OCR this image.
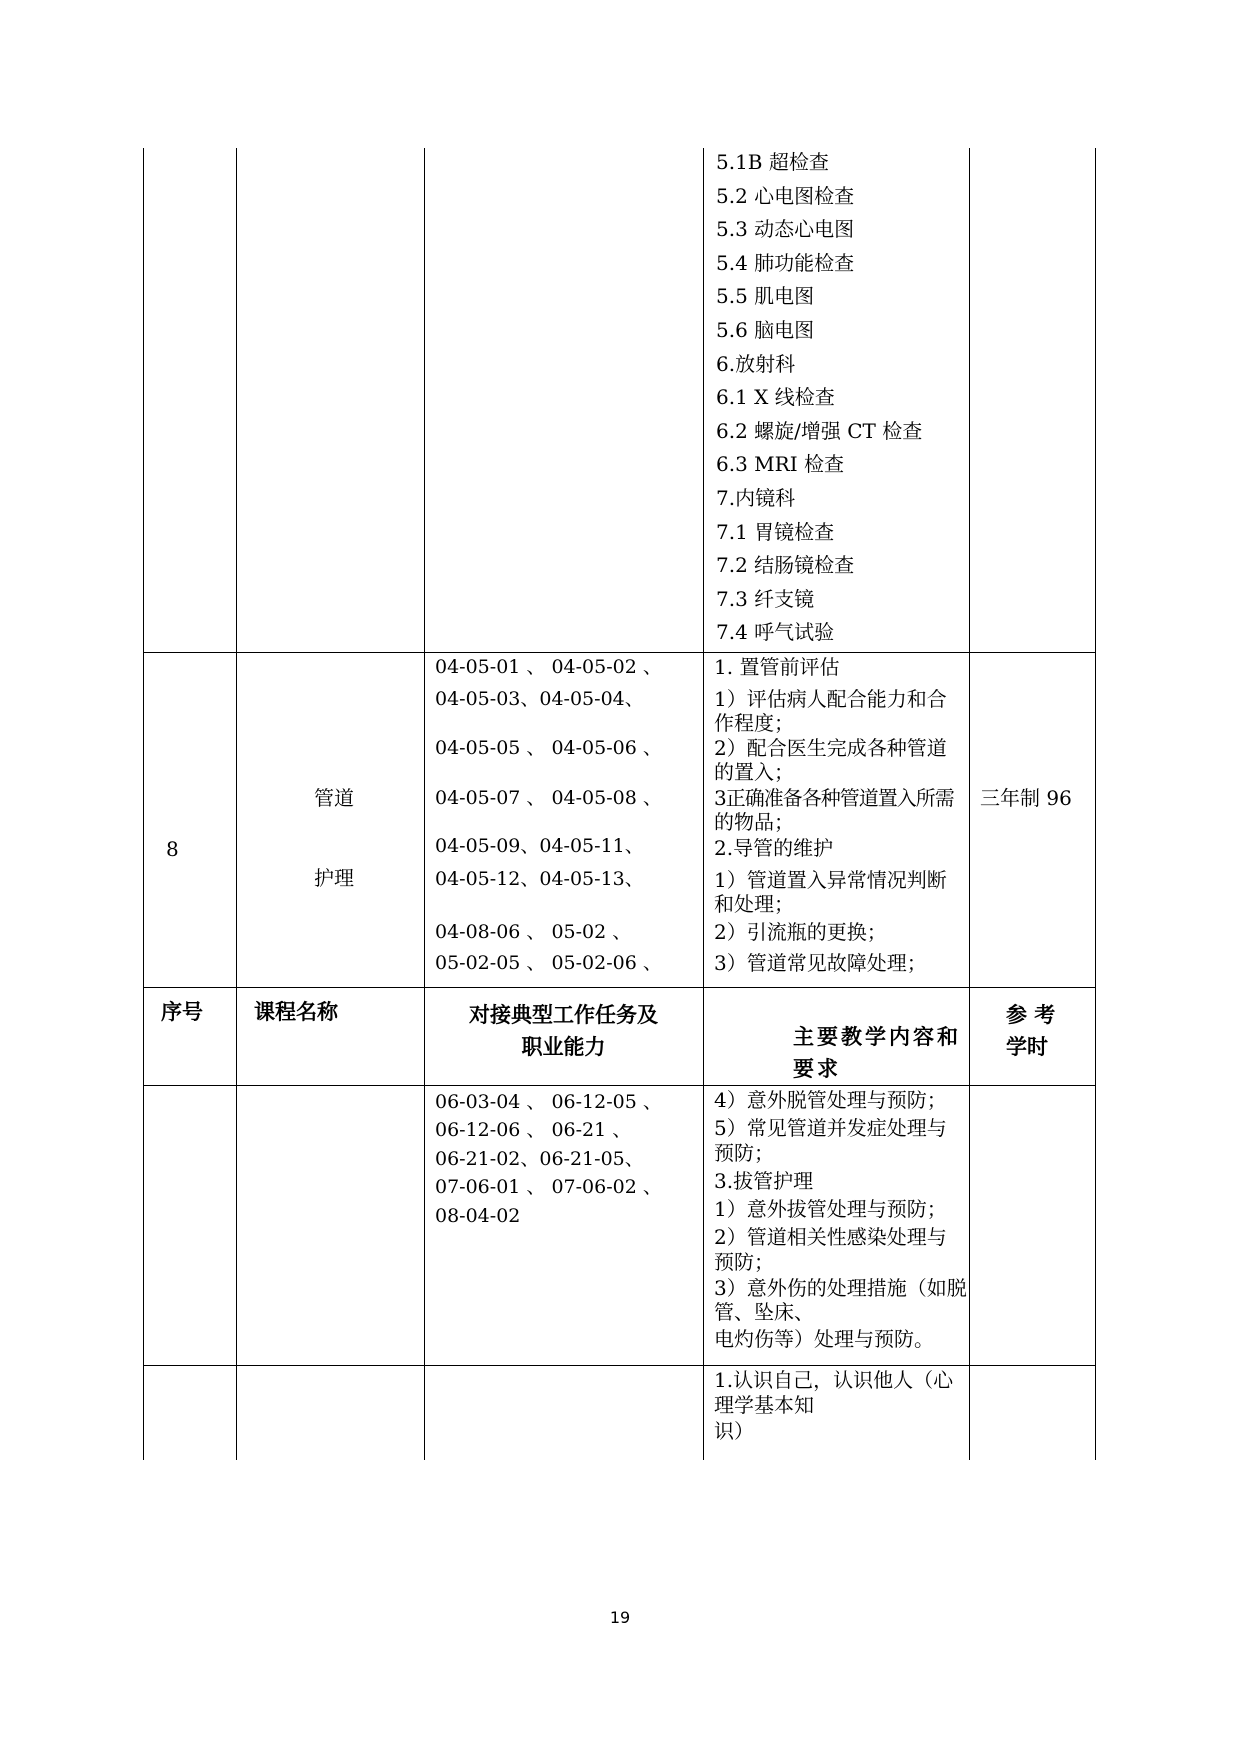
5.1B 超检查
5.2 心电图检查
5.3 动态心电图
5.4 肺功能检查
5.5 肌电图
5.6 脑电图
6.放射科
6.1 X 线检查
6.2 螺旋/增强 CT 检查
6.3 MRI 检查
7.内镜科
7.1 胃镜检查
7.2 结肠镜检查
7.3 纤支镜
7.4 呼气试验
8
管道
护理
04-05-01 、 04-05-02 、
04-05-03、04-05-04、
04-05-05 、 04-05-06 、
04-05-07 、 04-05-08 、
04-05-09、04-05-11、
04-05-12、04-05-13、
04-08-06 、 05-02 、
05-02-05 、 05-02-06 、
1. 置管前评估
1）评估病人配合能力和合
作程度；
2）配合医生完成各种管道
的置入；
3正确准备各种管道置入所需
的物品；
2.导管的维护
1）管道置入异常情况判断
和处理；
2）引流瓶的更换；
3）管道常见故障处理；
三年制 96
序号 课程名称	对接典型工作任务及
职业能力	主要教学内容和
要求
参 考
学时
06-03-04 、 06-12-05 、
06-12-06 、 06-21 、
06-21-02、06-21-05、
07-06-01 、 07-06-02 、
08-04-02
4）意外脱管处理与预防；
5）常见管道并发症处理与
预防；
3.拔管护理
1）意外拔管处理与预防；
2）管道相关性感染处理与
预防；
3）意外伤的处理措施（如脱
管、坠床、
电灼伤等）处理与预防。
1.认识自己，认识他人（心
理学基本知
识）
19
